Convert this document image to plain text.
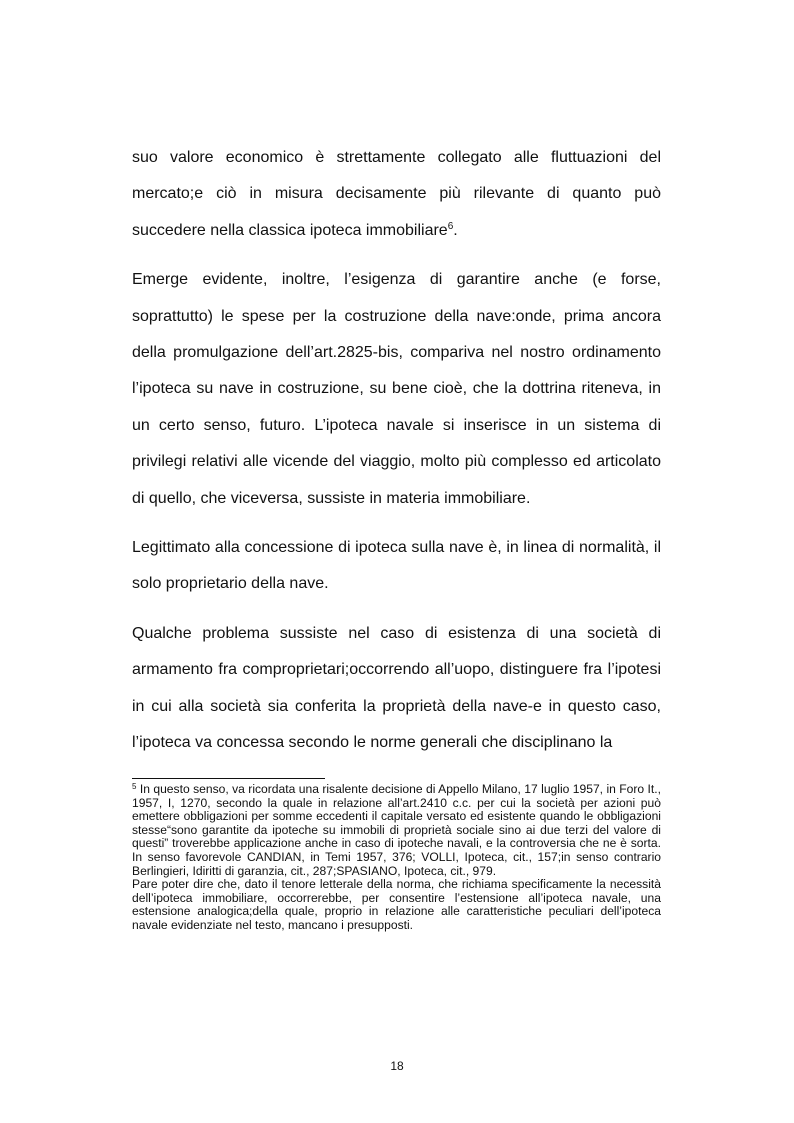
suo valore economico è strettamente collegato alle fluttuazioni del mercato;e ciò in misura decisamente più rilevante di quanto può succedere nella classica ipoteca immobiliare$^6$.

Emerge evidente, inoltre, l’esigenza di garantire anche (e forse, soprattutto) le spese per la costruzione della nave:onde, prima ancora della promulgazione dell’art.2825-bis, compariva nel nostro ordinamento l’ipoteca su nave in costruzione, su bene cioè, che la dottrina riteneva, in un certo senso, futuro. L’ipoteca navale si inserisce in un sistema di privilegi relativi alle vicende del viaggio, molto più complesso ed articolato di quello, che viceversa, sussiste in materia immobiliare.

Legittimato alla concessione di ipoteca sulla nave è, in linea di normalità, il solo proprietario della nave.

Qualche problema sussiste nel caso di esistenza di una società di armamento fra comproprietari;occorrendo all’uopo, distinguere fra l’ipotesi in cui alla società sia conferita la proprietà della nave-e in questo caso, l’ipoteca va concessa secondo le norme generali che disciplinano la

$^5$ In questo senso, va ricordata una risalente decisione di Appello Milano, 17 luglio 1957, in Foro It., 1957, I, 1270, secondo la quale in relazione all’art.2410 c.c. per cui la società per azioni può emettere obbligazioni per somme eccedenti il capitale versato ed esistente quando le obbligazioni stesse“sono garantite da ipoteche su immobili di proprietà sociale sino ai due terzi del valore di questi” troverebbe applicazione anche in caso di ipoteche navali, e la controversia che ne è sorta. In senso favorevole CANDIAN, in Temi 1957, 376; VOLLI, Ipoteca, cit., 157;in senso contrario Berlingieri, Idiritti di garanzia, cit., 287;SPASIANO, Ipoteca, cit., 979.

Pare poter dire che, dato il tenore letterale della norma, che richiama specificamente la necessità dell’ipoteca immobiliare, occorrerebbe, per consentire l’estensione all’ipoteca navale, una estensione analogica;della quale, proprio in relazione alle caratteristiche peculiari dell’ipoteca navale evidenziate nel testo, mancano i presupposti.

18
